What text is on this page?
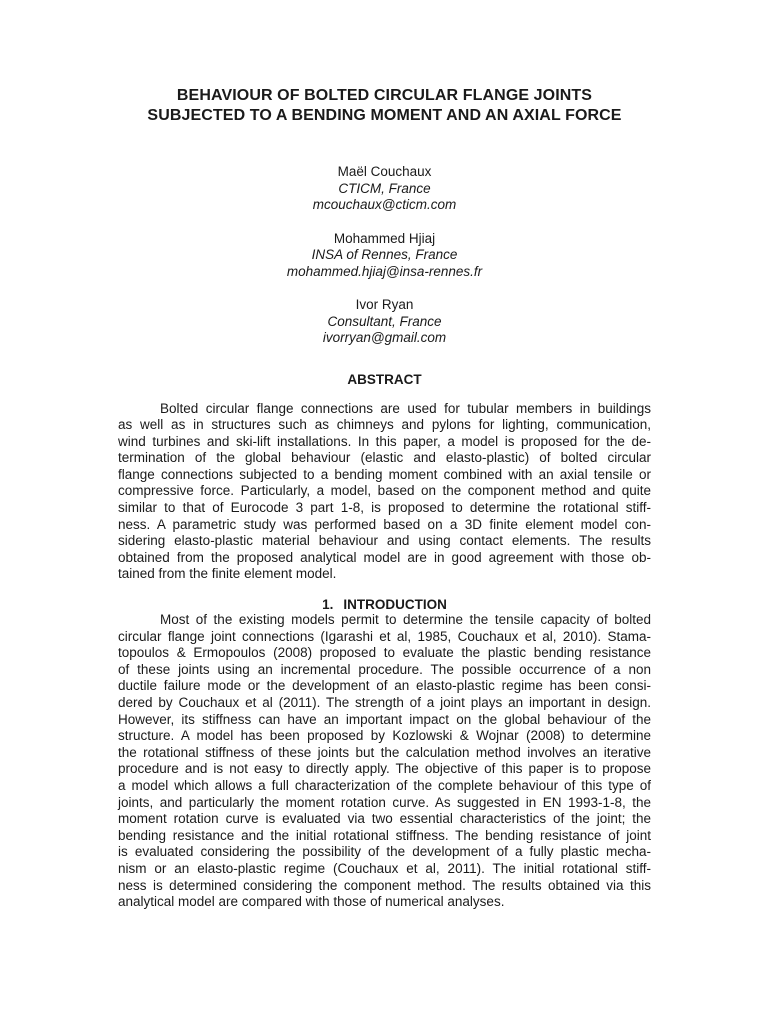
BEHAVIOUR OF BOLTED CIRCULAR FLANGE JOINTS
SUBJECTED TO A BENDING MOMENT AND AN AXIAL FORCE
Maël Couchaux
CTICM, France
mcouchaux@cticm.com
Mohammed Hjiaj
INSA of Rennes, France
mohammed.hjiaj@insa-rennes.fr
Ivor Ryan
Consultant, France
ivorryan@gmail.com
ABSTRACT
Bolted circular flange connections are used for tubular members in buildings
as well as in structures such as chimneys and pylons for lighting, communication,
wind turbines and ski-lift installations. In this paper, a model is proposed for the de-
termination of the global behaviour (elastic and elasto-plastic) of bolted circular
flange connections subjected to a bending moment combined with an axial tensile or
compressive force. Particularly, a model, based on the component method and quite
similar to that of Eurocode 3 part 1-8, is proposed to determine the rotational stiff-
ness. A parametric study was performed based on a 3D finite element model con-
sidering elasto-plastic material behaviour and using contact elements. The results
obtained from the proposed analytical model are in good agreement with those ob-
tained from the finite element model.
1. INTRODUCTION
Most of the existing models permit to determine the tensile capacity of bolted
circular flange joint connections (Igarashi et al, 1985, Couchaux et al, 2010). Stama-
topoulos & Ermopoulos (2008) proposed to evaluate the plastic bending resistance
of these joints using an incremental procedure. The possible occurrence of a non
ductile failure mode or the development of an elasto-plastic regime has been consi-
dered by Couchaux et al (2011). The strength of a joint plays an important in design.
However, its stiffness can have an important impact on the global behaviour of the
structure. A model has been proposed by Kozlowski & Wojnar (2008) to determine
the rotational stiffness of these joints but the calculation method involves an iterative
procedure and is not easy to directly apply. The objective of this paper is to propose
a model which allows a full characterization of the complete behaviour of this type of
joints, and particularly the moment rotation curve. As suggested in EN 1993-1-8, the
moment rotation curve is evaluated via two essential characteristics of the joint; the
bending resistance and the initial rotational stiffness. The bending resistance of joint
is evaluated considering the possibility of the development of a fully plastic mecha-
nism or an elasto-plastic regime (Couchaux et al, 2011). The initial rotational stiff-
ness is determined considering the component method. The results obtained via this
analytical model are compared with those of numerical analyses.
